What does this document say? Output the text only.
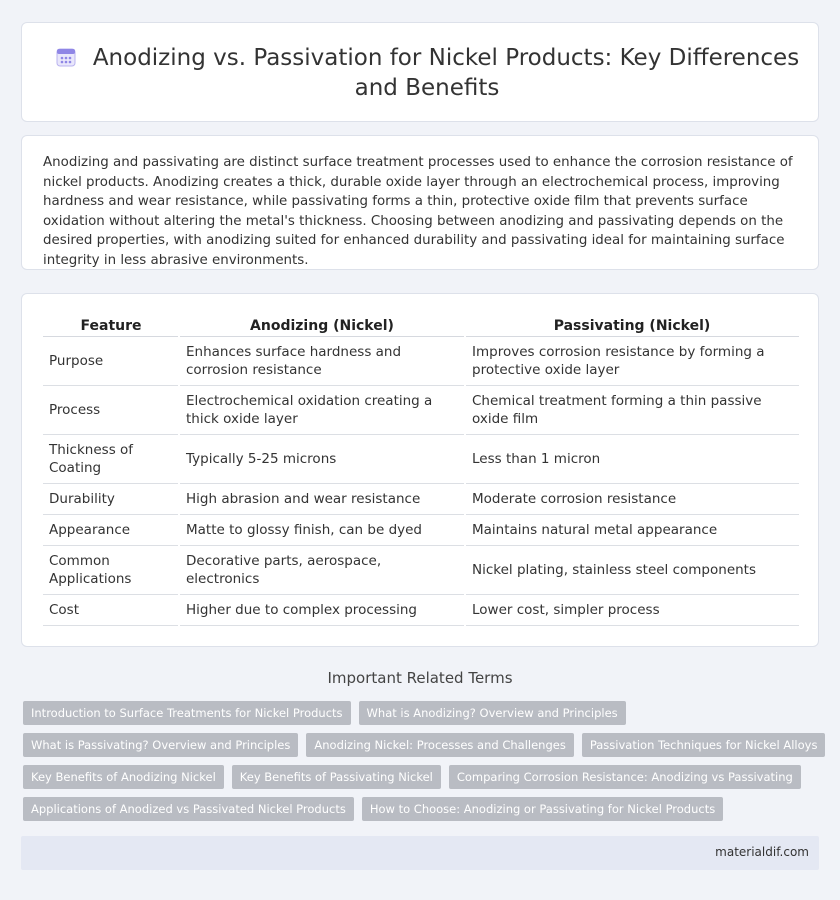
Anodizing vs. Passivation for Nickel Products: Key Differences and Benefits

Anodizing and passivating are distinct surface treatment processes used to enhance the corrosion resistance of nickel products. Anodizing creates a thick, durable oxide layer through an electrochemical process, improving hardness and wear resistance, while passivating forms a thin, protective oxide film that prevents surface oxidation without altering the metal's thickness. Choosing between anodizing and passivating depends on the desired properties, with anodizing suited for enhanced durability and passivating ideal for maintaining surface integrity in less abrasive environments.

Feature	Anodizing (Nickel)	Passivating (Nickel)
Purpose	Enhances surface hardness and corrosion resistance	Improves corrosion resistance by forming a protective oxide layer
Process	Electrochemical oxidation creating a thick oxide layer	Chemical treatment forming a thin passive oxide film
Thickness of Coating	Typically 5-25 microns	Less than 1 micron
Durability	High abrasion and wear resistance	Moderate corrosion resistance
Appearance	Matte to glossy finish, can be dyed	Maintains natural metal appearance
Common Applications	Decorative parts, aerospace, electronics	Nickel plating, stainless steel components
Cost	Higher due to complex processing	Lower cost, simpler process
Important Related Terms
Introduction to Surface Treatments for Nickel Products	What is Anodizing? Overview and Principles
What is Passivating? Overview and Principles	Anodizing Nickel: Processes and Challenges	Passivation Techniques for Nickel Alloys
Key Benefits of Anodizing Nickel	Key Benefits of Passivating Nickel	Comparing Corrosion Resistance: Anodizing vs Passivating
Applications of Anodized vs Passivated Nickel Products	How to Choose: Anodizing or Passivating for Nickel Products
materialdif.com
